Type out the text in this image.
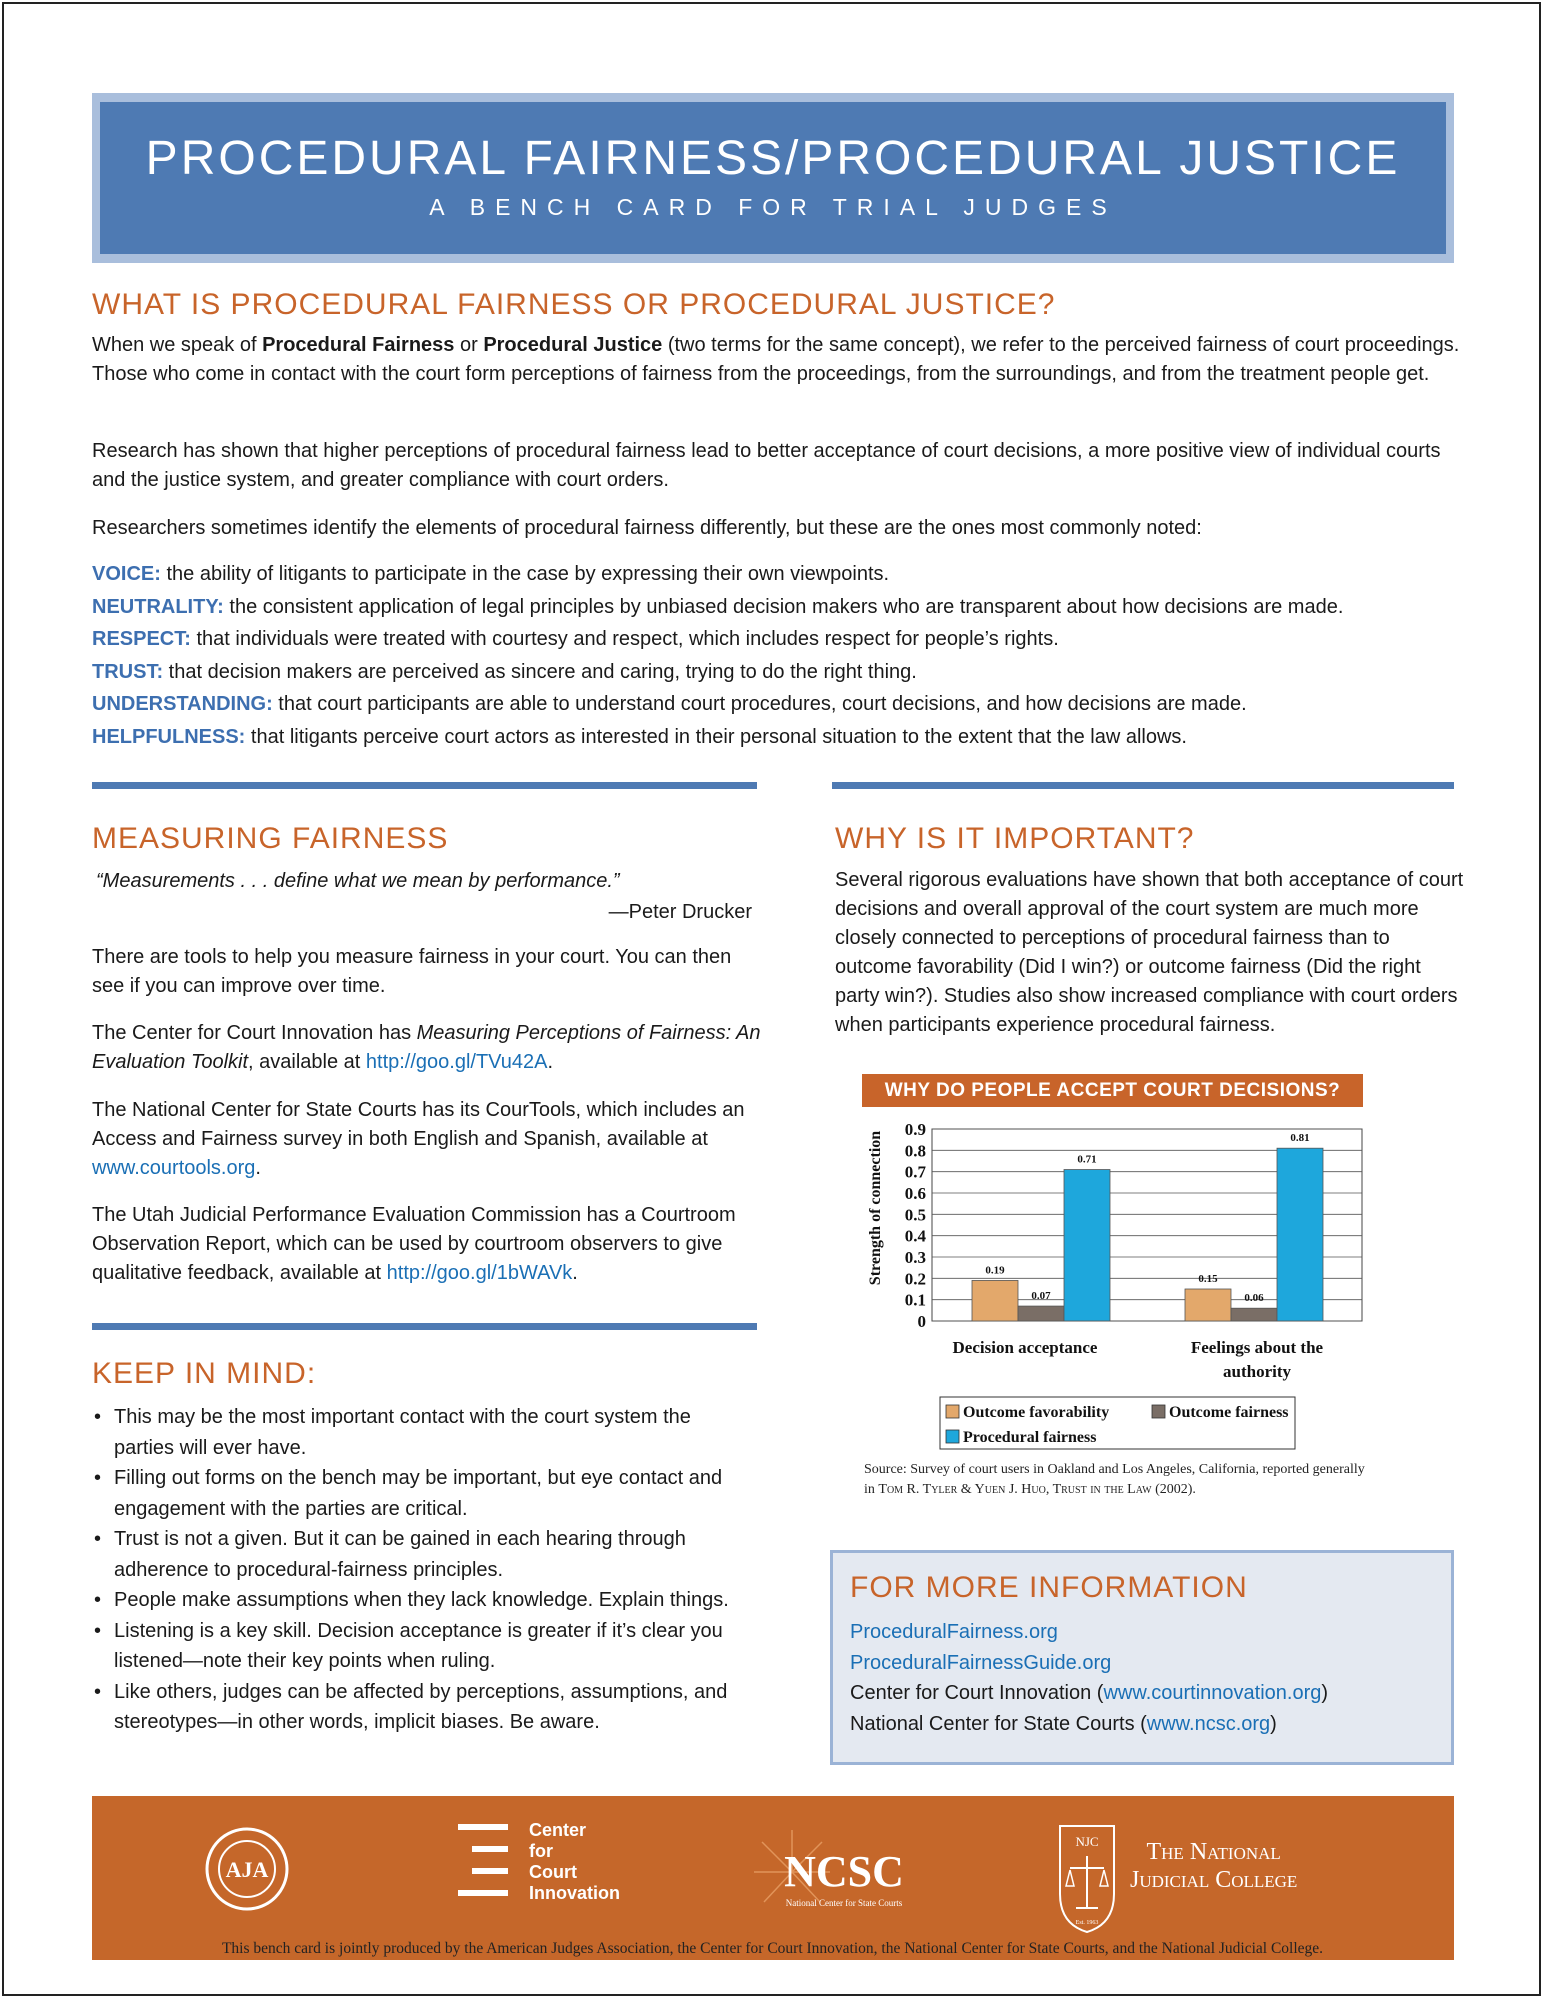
PROCEDURAL FAIRNESS/PROCEDURAL JUSTICE
A BENCH CARD FOR TRIAL JUDGES
WHAT IS PROCEDURAL FAIRNESS OR PROCEDURAL JUSTICE?

When we speak of Procedural Fairness or Procedural Justice (two terms for the same concept), we refer to the perceived fairness of court proceedings. Those who come in contact with the court form perceptions of fairness from the proceedings, from the surroundings, and from the treatment people get.

Research has shown that higher perceptions of procedural fairness lead to better acceptance of court decisions, a more positive view of individual courts and the justice system, and greater compliance with court orders.

Researchers sometimes identify the elements of procedural fairness differently, but these are the ones most commonly noted:

VOICE: the ability of litigants to participate in the case by expressing their own viewpoints.
NEUTRALITY: the consistent application of legal principles by unbiased decision makers who are transparent about how decisions are made.
RESPECT: that individuals were treated with courtesy and respect, which includes respect for people’s rights.
TRUST: that decision makers are perceived as sincere and caring, trying to do the right thing.
UNDERSTANDING: that court participants are able to understand court procedures, court decisions, and how decisions are made.
HELPFULNESS: that litigants perceive court actors as interested in their personal situation to the extent that the law allows.
MEASURING FAIRNESS
“Measurements . . . define what we mean by performance.”
—Peter Drucker

There are tools to help you measure fairness in your court. You can then see if you can improve over time.

The Center for Court Innovation has Measuring Perceptions of Fairness: An Evaluation Toolkit, available at http://goo.gl/TVu42A.

The National Center for State Courts has its CourTools, which includes an Access and Fairness survey in both English and Spanish, available at www.courtools.org.

The Utah Judicial Performance Evaluation Commission has a Courtroom Observation Report, which can be used by courtroom observers to give qualitative feedback, available at http://goo.gl/1bWAVk.

KEEP IN MIND:
• This may be the most important contact with the court system the parties will ever have.
• Filling out forms on the bench may be important, but eye contact and engagement with the parties are critical.
• Trust is not a given. But it can be gained in each hearing through adherence to procedural-fairness principles.
• People make assumptions when they lack knowledge. Explain things.
• Listening is a key skill. Decision acceptance is greater if it’s clear you listened—note their key points when ruling.
• Like others, judges can be affected by perceptions, assumptions, and stereotypes—in other words, implicit biases. Be aware.
WHY IS IT IMPORTANT?

Several rigorous evaluations have shown that both acceptance of court decisions and overall approval of the court system are much more closely connected to perceptions of procedural fairness than to outcome favorability (Did I win?) or outcome fairness (Did the right party win?). Studies also show increased compliance with court orders when participants experience procedural fairness.

WHY DO PEOPLE ACCEPT COURT DECISIONS?
Strength of connection
0
0.1
0.2
0.3
0.4
0.5
0.6
0.7
0.8
0.9
0.19
0.15
0.07	0.06
0.71
0.81
Decision acceptance	Feelings about the
authority
Outcome favorability	Outcome fairness
Procedural fairness
Source: Survey of court users in Oakland and Los Angeles, California, reported generally in Tom R. Tyler & Yuen J. Huo, Trust in the Law (2002).
FOR MORE INFORMATION
ProceduralFairness.org
ProceduralFairnessGuide.org
Center for Court Innovation (www.courtinnovation.org)
National Center for State Courts (www.ncsc.org)
AJA
Center
for
Court
Innovation	NCSC
National Center for State Courts
NJC
Est. 1963
The National
Judicial College
This bench card is jointly produced by the American Judges Association, the Center for Court Innovation, the National Center for State Courts, and the National Judicial College.
